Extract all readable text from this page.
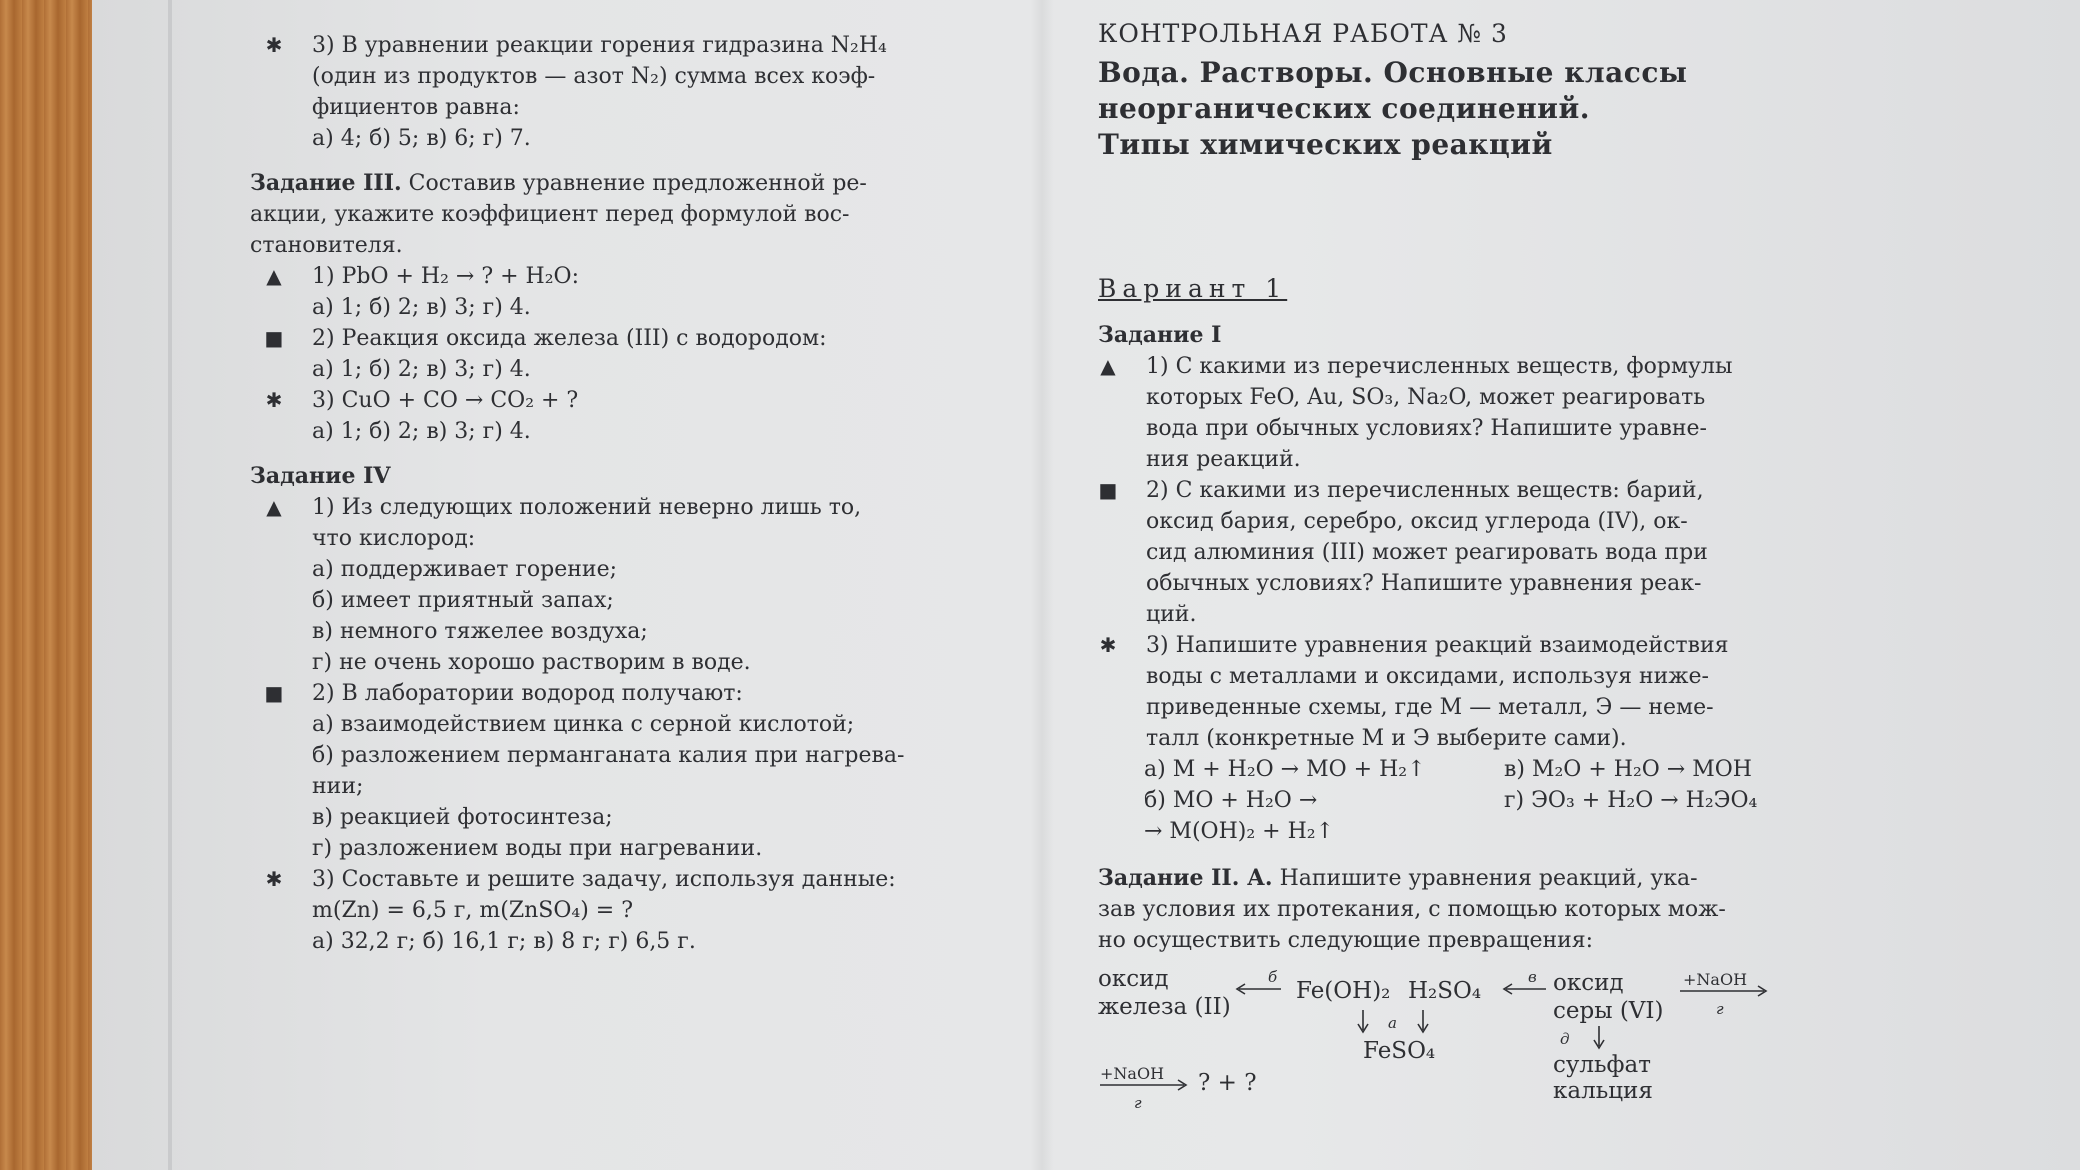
✱ 3) В уравнении реакции горения гидразина N₂H₄
(один из продуктов — азот N₂) сумма всех коэф-
фициентов равна:
а) 4; б) 5; в) 6; г) 7.
Задание III. Составив уравнение предложенной ре-
акции, укажите коэффициент перед формулой вос-
становителя.
▲ 1) PbO + H₂ → ? + H₂O:
а) 1; б) 2; в) 3; г) 4.
■ 2) Реакция оксида железа (III) с водородом:
а) 1; б) 2; в) 3; г) 4.
✱ 3) CuO + CO → CO₂ + ?
а) 1; б) 2; в) 3; г) 4.
Задание IV
▲ 1) Из следующих положений неверно лишь то,
что кислород:
а) поддерживает горение;
б) имеет приятный запах;
в) немного тяжелее воздуха;
г) не очень хорошо растворим в воде.
■ 2) В лаборатории водород получают:
а) взаимодействием цинка с серной кислотой;
б) разложением перманганата калия при нагрева-
нии;
в) реакцией фотосинтеза;
г) разложением воды при нагревании.
✱ 3) Составьте и решите задачу, используя данные:
m(Zn) = 6,5 г, m(ZnSO₄) = ?
а) 32,2 г; б) 16,1 г; в) 8 г; г) 6,5 г.
КОНТРОЛЬНАЯ РАБОТА № 3
Вода. Растворы. Основные классы
неорганических соединений.
Типы химических реакций
Вариант 1
Задание I
▲ 1) С какими из перечисленных веществ, формулы
которых FeO, Au, SO₃, Na₂O, может реагировать
вода при обычных условиях? Напишите уравне-
ния реакций.
■ 2) С какими из перечисленных веществ: барий,
оксид бария, серебро, оксид углерода (IV), ок-
сид алюминия (III) может реагировать вода при
обычных условиях? Напишите уравнения реак-
ций.
✱ 3) Напишите уравнения реакций взаимодействия
воды с металлами и оксидами, используя ниже-
приведенные схемы, где М — металл, Э — неме-
талл (конкретные М и Э выберите сами).
а) M + H₂O → MO + H₂↑	в) M₂O + H₂O → MOH
б) MO + H₂O →	г) ЭO₃ + H₂O → H₂ЭO₄
→ M(OH)₂ + H₂↑
Задание II. А. Напишите уравнения реакций, ука-
зав условия их протекания, с помощью которых мож-
но осуществить следующие превращения:
оксид
железа (II)
б
Fe(OH)₂ H₂SO₄
в оксид
серы (VI)
+NaOH
г
а
FeSO₄	д
сульфат
кальция
+NaOH
г
? + ?
